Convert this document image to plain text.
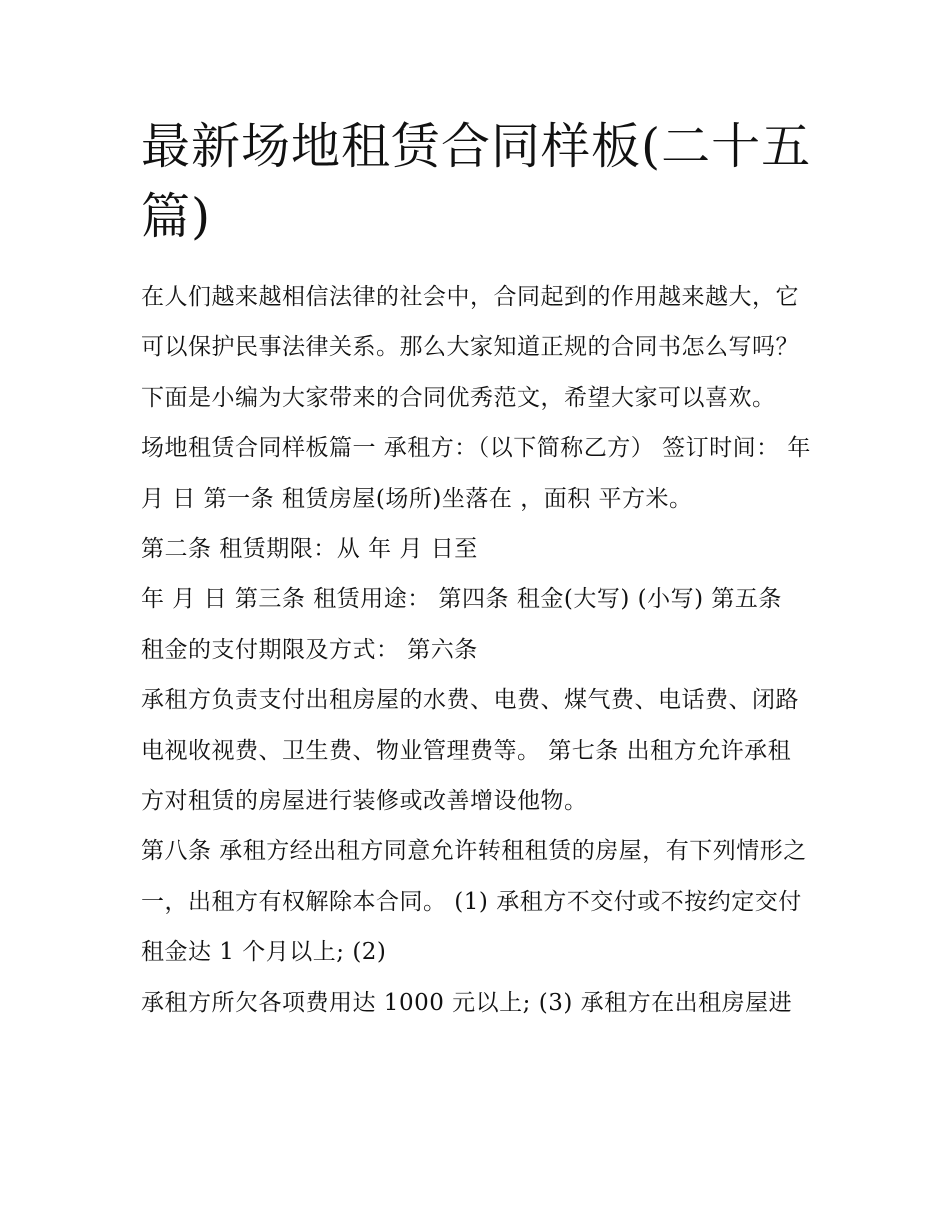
最新场地租赁合同样板(二十五篇)

在人们越来越相信法律的社会中，合同起到的作用越来越大，它可以保护民事法律关系。那么大家知道正规的合同书怎么写吗？下面是小编为大家带来的合同优秀范文，希望大家可以喜欢。

场地租赁合同样板篇一 承租方：（以下简称乙方） 签订时间： 年 月 日 第一条 租赁房屋(场所)坐落在 ，面积 平方米。

第二条 租赁期限：从 年 月 日至

年 月 日 第三条 租赁用途： 第四条 租金(大写) (小写) 第五条 租金的支付期限及方式： 第六条

承租方负责支付出租房屋的水费、电费、煤气费、电话费、闭路电视收视费、卫生费、物业管理费等。 第七条 出租方允许承租方对租赁的房屋进行装修或改善增设他物。

第八条 承租方经出租方同意允许转租租赁的房屋，有下列情形之一，出租方有权解除本合同。 (1) 承租方不交付或不按约定交付租金达 1 个月以上; (2)

承租方所欠各项费用达 1000 元以上; (3) 承租方在出租房屋进
